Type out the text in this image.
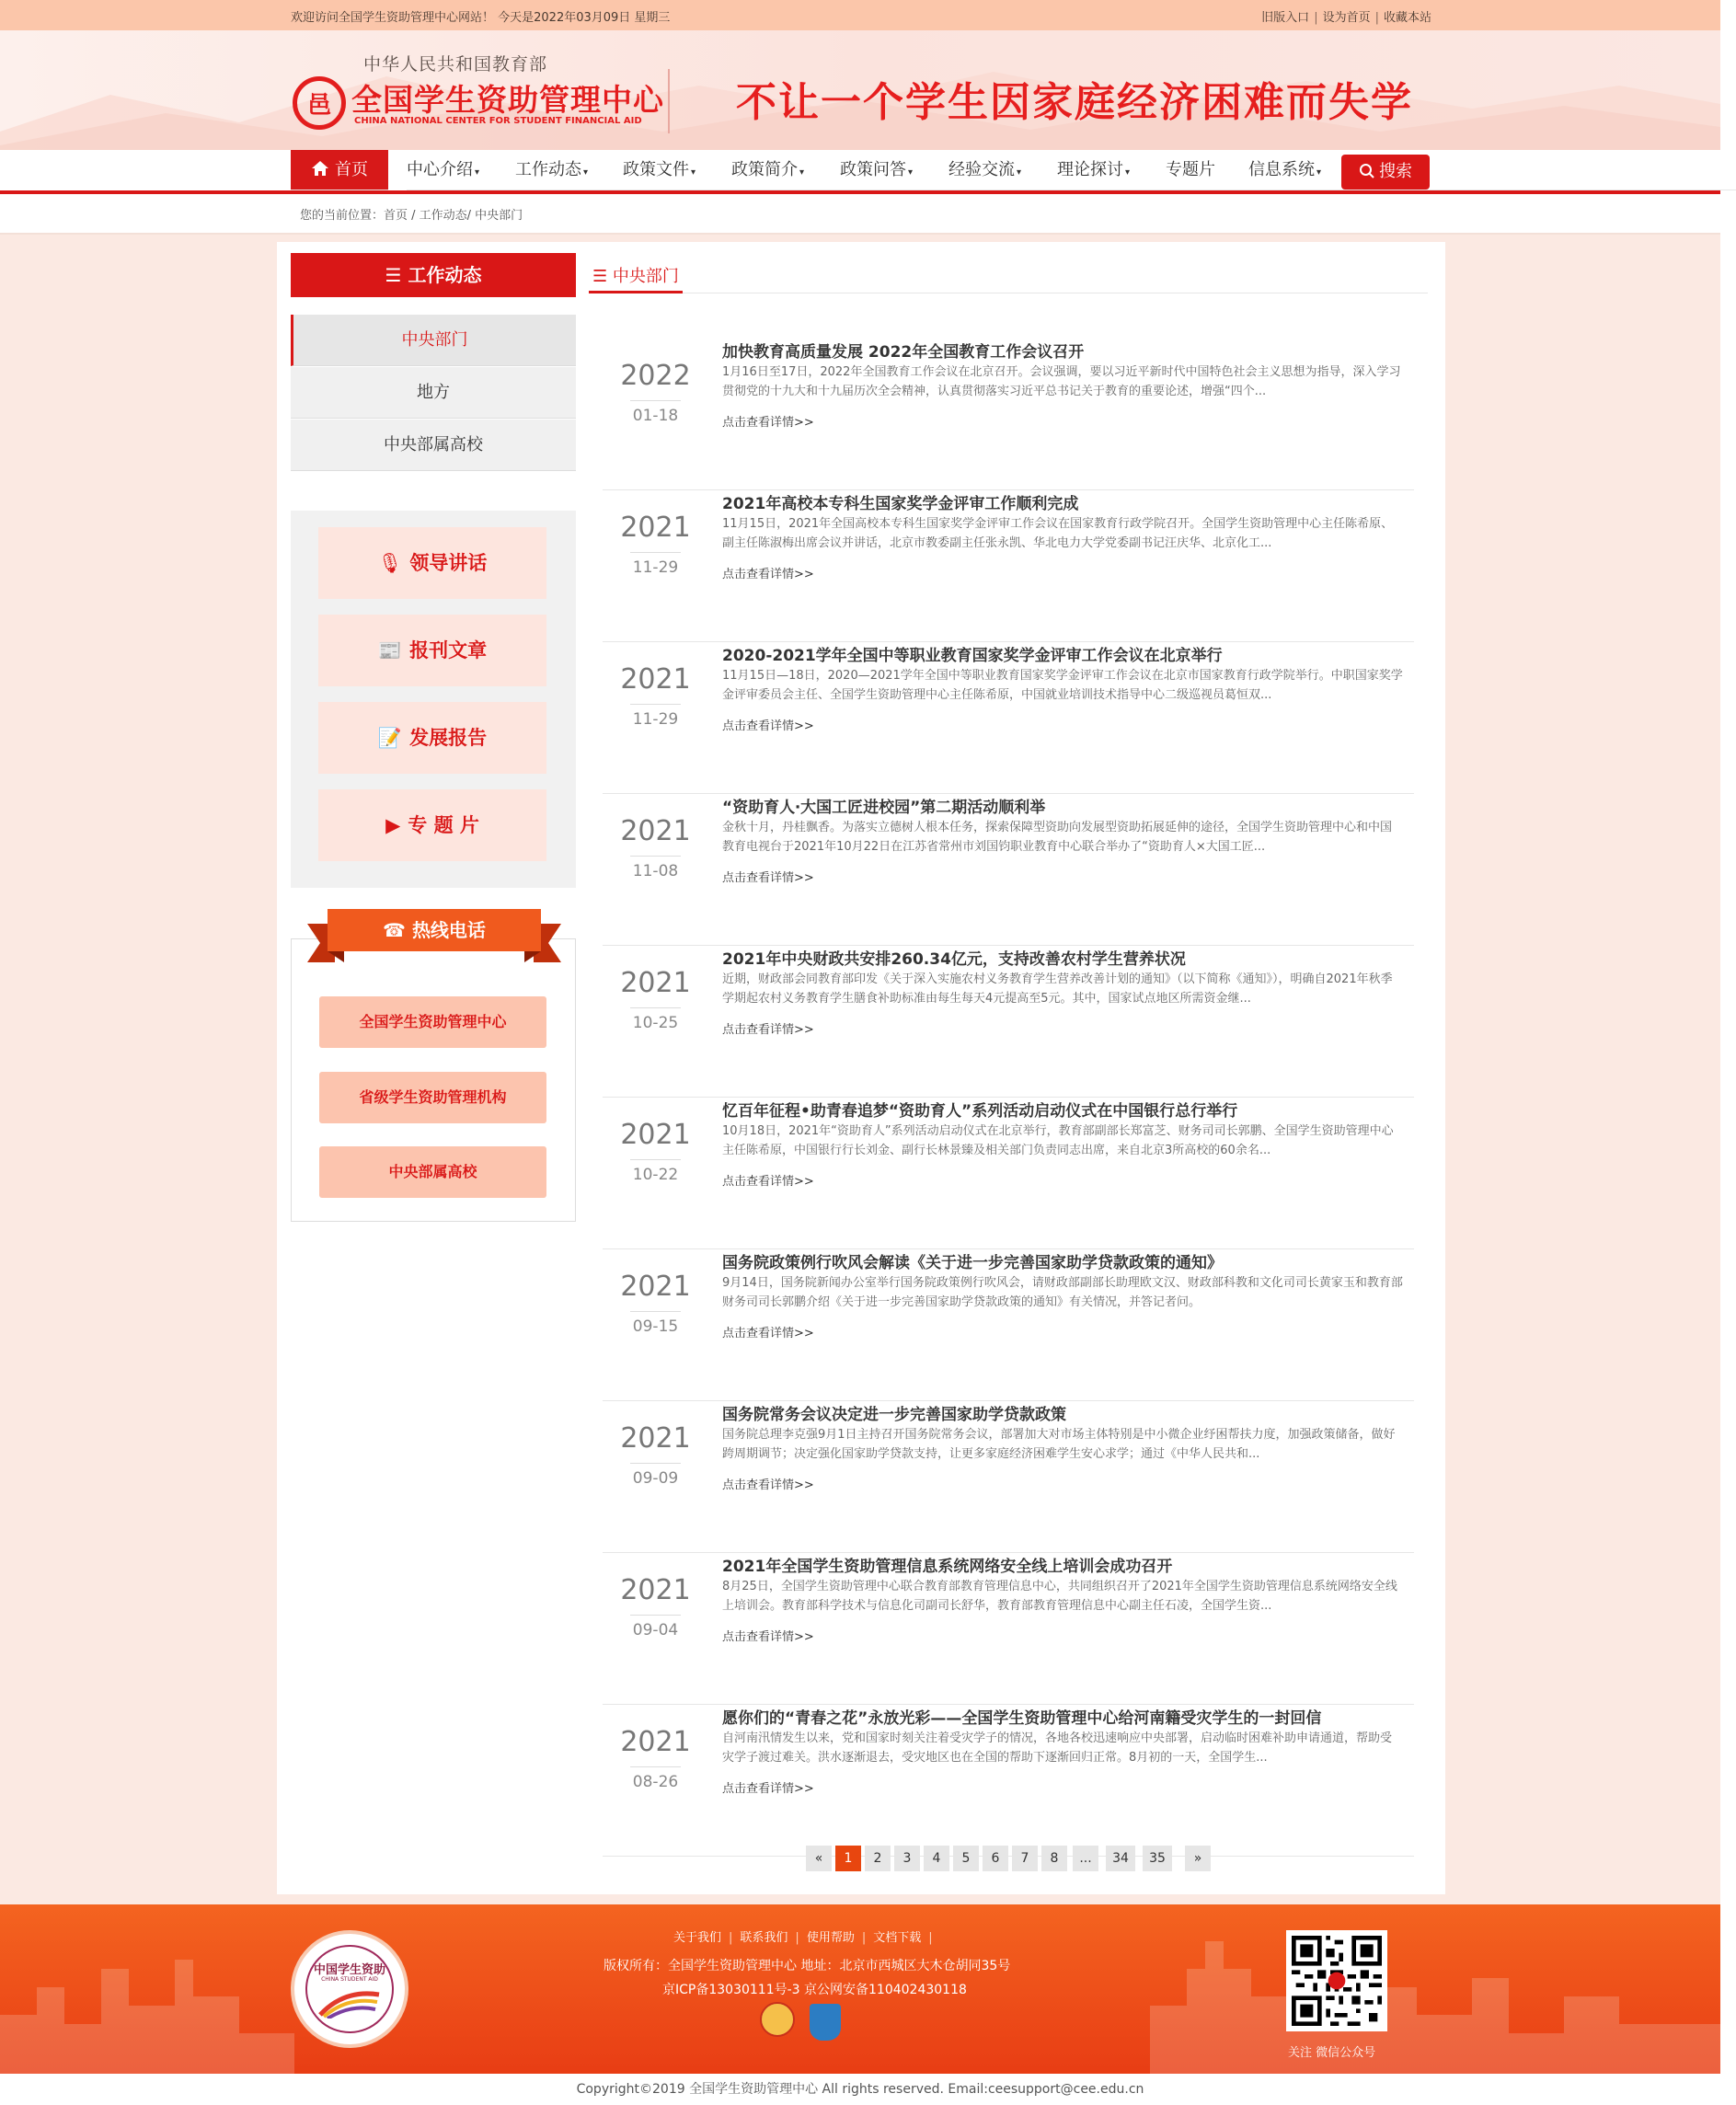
欢迎访问全国学生资助管理中心网站！ 今天是2022年03月09日 星期三	旧版入口 | 设为首页 | 收藏本站
⾢
中华人民共和国教育部
全国学生资助管理中心
CHINA NATIONAL CENTER FOR STUDENT FINANCIAL AID 不让一个学生因家庭经济困难而失学
首页	中心介绍 ▾	工作动态 ▾	政策文件 ▾	政策简介 ▾	政策问答 ▾	经验交流 ▾	理论探讨 ▾	专题片	信息系统 ▾	搜索
您的当前位置：首页 / 工作动态/ 中央部门
☰ 工作动态
中央部门
地方
中央部属高校
🎙 领导讲话
📰 报刊文章
📝 发展报告
▶ 专 题 片
☎ 热线电话
全国学生资助管理中心
省级学生资助管理机构
中央部属高校
☰ 中央部门
2022
01-18
加快教育高质量发展 2022年全国教育工作会议召开
1月16日至17日，2022年全国教育工作会议在北京召开。会议强调，要以习近平新时代中国特色社会主义思想为指导，深入学习贯彻党的十九大和十九届历次全会精神，认真贯彻落实习近平总书记关于教育的重要论述，增强“四个...
点击查看详情>>
2021
11-29
2021年高校本专科生国家奖学金评审工作顺利完成
11月15日，2021年全国高校本专科生国家奖学金评审工作会议在国家教育行政学院召开。全国学生资助管理中心主任陈希原、副主任陈淑梅出席会议并讲话，北京市教委副主任张永凯、华北电力大学党委副书记汪庆华、北京化工...
点击查看详情>>
2021
11-29
2020-2021学年全国中等职业教育国家奖学金评审工作会议在北京举行
11月15日—18日，2020—2021学年全国中等职业教育国家奖学金评审工作会议在北京市国家教育行政学院举行。中职国家奖学金评审委员会主任、全国学生资助管理中心主任陈希原，中国就业培训技术指导中心二级巡视员葛恒双...
点击查看详情>>
2021
11-08
“资助育人‧大国工匠进校园”第二期活动顺利举
金秋十月，丹桂飘香。为落实立德树人根本任务，探索保障型资助向发展型资助拓展延伸的途径，全国学生资助管理中心和中国教育电视台于2021年10月22日在江苏省常州市刘国钧职业教育中心联合举办了“资助育人×大国工匠...
点击查看详情>>
2021
10-25
2021年中央财政共安排260.34亿元，支持改善农村学生营养状况
近期，财政部会同教育部印发《关于深入实施农村义务教育学生营养改善计划的通知》（以下简称《通知》），明确自2021年秋季学期起农村义务教育学生膳食补助标准由每生每天4元提高至5元。其中，国家试点地区所需资金继...
点击查看详情>>
2021
10-22
忆百年征程•助青春追梦“资助育人”系列活动启动仪式在中国银行总行举行
10月18日，2021年“资助育人”系列活动启动仪式在北京举行，教育部副部长郑富芝、财务司司长郭鹏、全国学生资助管理中心主任陈希原，中国银行行长刘金、副行长林景臻及相关部门负责同志出席，来自北京3所高校的60余名...
点击查看详情>>
2021
09-15
国务院政策例行吹风会解读《关于进一步完善国家助学贷款政策的通知》
9月14日，国务院新闻办公室举行国务院政策例行吹风会，请财政部副部长助理欧文汉、财政部科教和文化司司长黄家玉和教育部财务司司长郭鹏介绍《关于进一步完善国家助学贷款政策的通知》有关情况，并答记者问。
点击查看详情>>
2021
09-09
国务院常务会议决定进一步完善国家助学贷款政策
国务院总理李克强9月1日主持召开国务院常务会议，部署加大对市场主体特别是中小微企业纾困帮扶力度，加强政策储备，做好跨周期调节；决定强化国家助学贷款支持，让更多家庭经济困难学生安心求学；通过《中华人民共和...
点击查看详情>>
2021
09-04
2021年全国学生资助管理信息系统网络安全线上培训会成功召开
8月25日，全国学生资助管理中心联合教育部教育管理信息中心，共同组织召开了2021年全国学生资助管理信息系统网络安全线上培训会。教育部科学技术与信息化司副司长舒华，教育部教育管理信息中心副主任石凌，全国学生资...
点击查看详情>>
2021
08-26
愿你们的“青春之花”永放光彩——全国学生资助管理中心给河南籍受灾学生的一封回信
自河南汛情发生以来，党和国家时刻关注着受灾学子的情况，各地各校迅速响应中央部署，启动临时困难补助申请通道，帮助受灾学子渡过难关。洪水逐渐退去，受灾地区也在全国的帮助下逐渐回归正常。8月初的一天，全国学生...
点击查看详情>>
«	1	2	3	4	5	6	7	8	...	34	35	»
中国学生资助
CHINA STUDENT AID
关于我们 | 联系我们 | 使用帮助 | 文档下载 |
版权所有：全国学生资助管理中心 地址：北京市西城区大木仓胡同35号
京ICP备13030111号-3 京公网安备110402430118
关注 微信公众号
Copyright©2019 全国学生资助管理中心 All rights reserved. Email:ceesupport@cee.edu.cn
